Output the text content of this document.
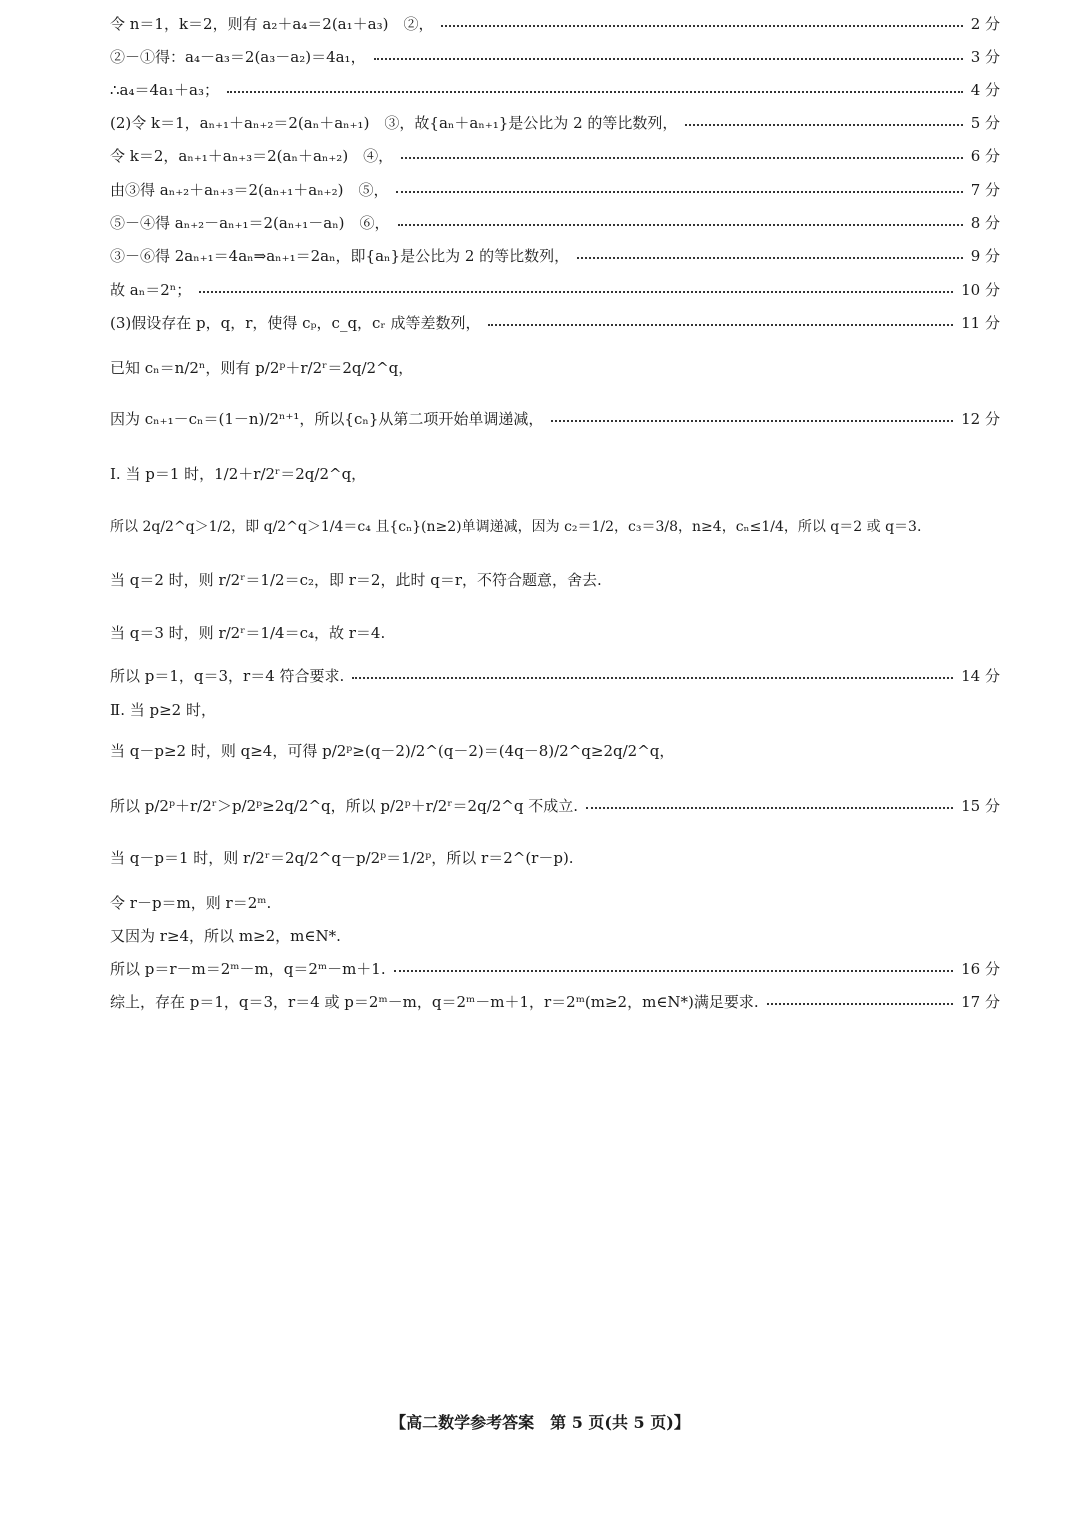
令 n＝1，k＝2，则有 a₂＋a₄＝2(a₁＋a₃)　②，	2 分
②－①得：a₄－a₃＝2(a₃－a₂)＝4a₁，	3 分
∴a₄＝4a₁＋a₃；	4 分
(2)令 k＝1，aₙ₊₁＋aₙ₊₂＝2(aₙ＋aₙ₊₁)　③，故{aₙ＋aₙ₊₁}是公比为 2 的等比数列，	5 分
令 k＝2，aₙ₊₁＋aₙ₊₃＝2(aₙ＋aₙ₊₂)　④，	6 分
由③得 aₙ₊₂＋aₙ₊₃＝2(aₙ₊₁＋aₙ₊₂)　⑤，	7 分
⑤－④得 aₙ₊₂－aₙ₊₁＝2(aₙ₊₁－aₙ)　⑥，	8 分
③－⑥得 2aₙ₊₁＝4aₙ⇒aₙ₊₁＝2aₙ，即{aₙ}是公比为 2 的等比数列，	9 分
故 aₙ＝2ⁿ；	10 分
(3)假设存在 p，q，r，使得 cₚ，c_q，cᵣ 成等差数列，	11 分
已知 cₙ＝n/2ⁿ，则有 p/2ᵖ＋r/2ʳ＝2q/2^q，
因为 cₙ₊₁－cₙ＝(1－n)/2ⁿ⁺¹，所以{cₙ}从第二项开始单调递减，	12 分
Ⅰ. 当 p＝1 时，1/2＋r/2ʳ＝2q/2^q，
所以 2q/2^q＞1/2，即 q/2^q＞1/4＝c₄ 且{cₙ}(n≥2)单调递减，因为 c₂＝1/2，c₃＝3/8，n≥4，cₙ≤1/4，所以 q＝2 或 q＝3.
当 q＝2 时，则 r/2ʳ＝1/2＝c₂，即 r＝2，此时 q＝r，不符合题意，舍去.
当 q＝3 时，则 r/2ʳ＝1/4＝c₄，故 r＝4.
所以 p＝1，q＝3，r＝4 符合要求.	14 分
Ⅱ. 当 p≥2 时，
当 q－p≥2 时，则 q≥4，可得 p/2ᵖ≥(q－2)/2^(q－2)＝(4q－8)/2^q≥2q/2^q，
所以 p/2ᵖ＋r/2ʳ＞p/2ᵖ≥2q/2^q，所以 p/2ᵖ＋r/2ʳ＝2q/2^q 不成立.	15 分
当 q－p＝1 时，则 r/2ʳ＝2q/2^q－p/2ᵖ＝1/2ᵖ，所以 r＝2^(r－p).
令 r－p＝m，则 r＝2ᵐ.
又因为 r≥4，所以 m≥2，m∈N*.
所以 p＝r－m＝2ᵐ－m，q＝2ᵐ－m＋1.	16 分
综上，存在 p＝1，q＝3，r＝4 或 p＝2ᵐ－m，q＝2ᵐ－m＋1，r＝2ᵐ(m≥2，m∈N*)满足要求.	17 分
【高二数学参考答案　第 5 页(共 5 页)】
